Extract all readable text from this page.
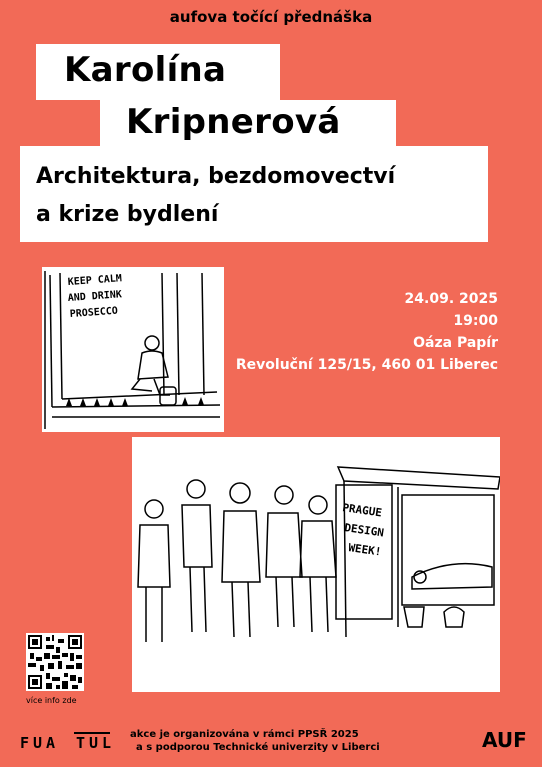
aufova točící přednáška
Karolína
Kripnerová
Architektura, bezdomovectví
a krize bydlení
24.09. 2025
19:00
Oáza Papír
Revoluční 125/15, 460 01 Liberec
KEEP CALM
AND DRINK
PROSECCO
PRAGUE
DESIGN
WEEK!
více info zde
FUA TUL akce je organizována v rámci PPSŘ 2025
a s podporou Technické univerzity v Liberci	AUF
